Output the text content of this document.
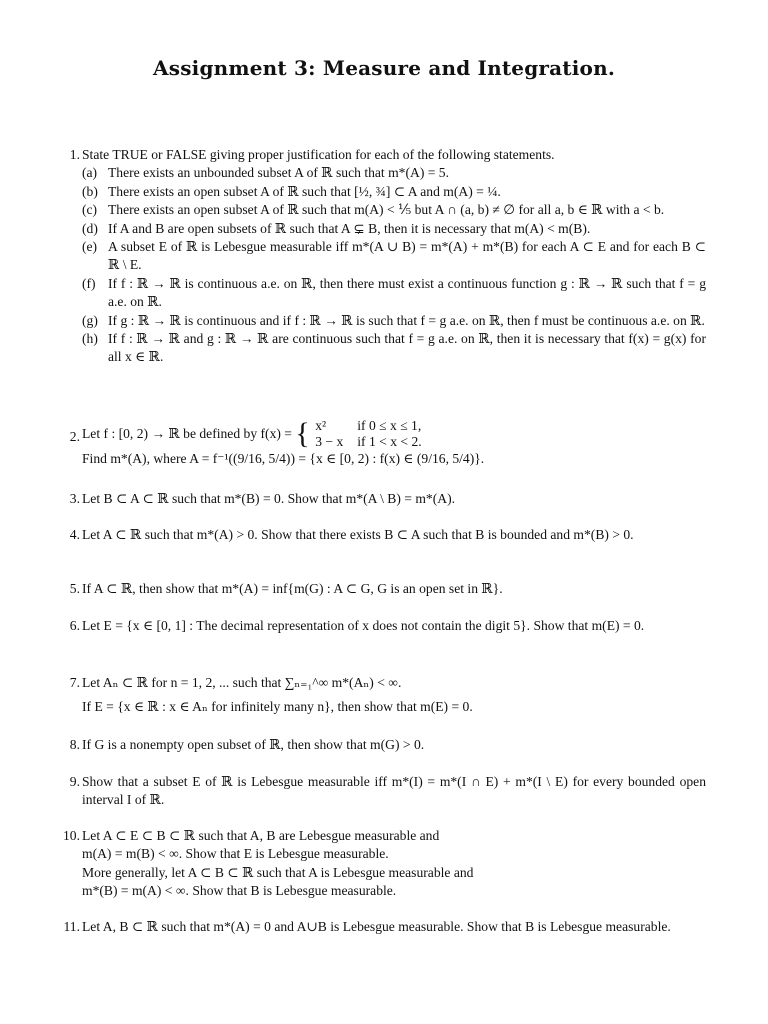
Assignment 3: Measure and Integration.
1. State TRUE or FALSE giving proper justification for each of the following statements.
(a) There exists an unbounded subset A of ℝ such that m*(A) = 5.
(b) There exists an open subset A of ℝ such that [½, ¾] ⊂ A and m(A) = ¼.
(c) There exists an open subset A of ℝ such that m(A) < ⅕ but A ∩ (a, b) ≠ ∅ for all a, b ∈ ℝ with a < b.
(d) If A and B are open subsets of ℝ such that A ⊊ B, then it is necessary that m(A) < m(B).
(e) A subset E of ℝ is Lebesgue measurable iff m*(A ∪ B) = m*(A) + m*(B) for each A ⊂ E and for each B ⊂ ℝ \ E.
(f) If f : ℝ → ℝ is continuous a.e. on ℝ, then there must exist a continuous function g : ℝ → ℝ such that f = g a.e. on ℝ.
(g) If g : ℝ → ℝ is continuous and if f : ℝ → ℝ is such that f = g a.e. on ℝ, then f must be continuous a.e. on ℝ.
(h) If f : ℝ → ℝ and g : ℝ → ℝ are continuous such that f = g a.e. on ℝ, then it is necessary that f(x) = g(x) for all x ∈ ℝ.
2. Let f : [0, 2) → ℝ be defined by f(x) = { x²	if 0 ≤ x ≤ 1,
3 − x	if 1 < x < 2.
Find m*(A), where A = f⁻¹((9/16, 5/4)) = {x ∈ [0, 2) : f(x) ∈ (9/16, 5/4)}.
3. Let B ⊂ A ⊂ ℝ such that m*(B) = 0. Show that m*(A \ B) = m*(A).
4. Let A ⊂ ℝ such that m*(A) > 0. Show that there exists B ⊂ A such that B is bounded and m*(B) > 0.
5. If A ⊂ ℝ, then show that m*(A) = inf{m(G) : A ⊂ G, G is an open set in ℝ}.
6. Let E = {x ∈ [0, 1] : The decimal representation of x does not contain the digit 5}. Show that m(E) = 0.
7. Let Aₙ ⊂ ℝ for n = 1, 2, ... such that ∑ₙ₌₁^∞ m*(Aₙ) < ∞.
If E = {x ∈ ℝ : x ∈ Aₙ for infinitely many n}, then show that m(E) = 0.
8. If G is a nonempty open subset of ℝ, then show that m(G) > 0.
9. Show that a subset E of ℝ is Lebesgue measurable iff m*(I) = m*(I ∩ E) + m*(I \ E) for every bounded open interval I of ℝ.
10. Let A ⊂ E ⊂ B ⊂ ℝ such that A, B are Lebesgue measurable and
m(A) = m(B) < ∞. Show that E is Lebesgue measurable.
More generally, let A ⊂ B ⊂ ℝ such that A is Lebesgue measurable and
m*(B) = m(A) < ∞. Show that B is Lebesgue measurable.
11. Let A, B ⊂ ℝ such that m*(A) = 0 and A∪B is Lebesgue measurable. Show that B is Lebesgue measurable.
